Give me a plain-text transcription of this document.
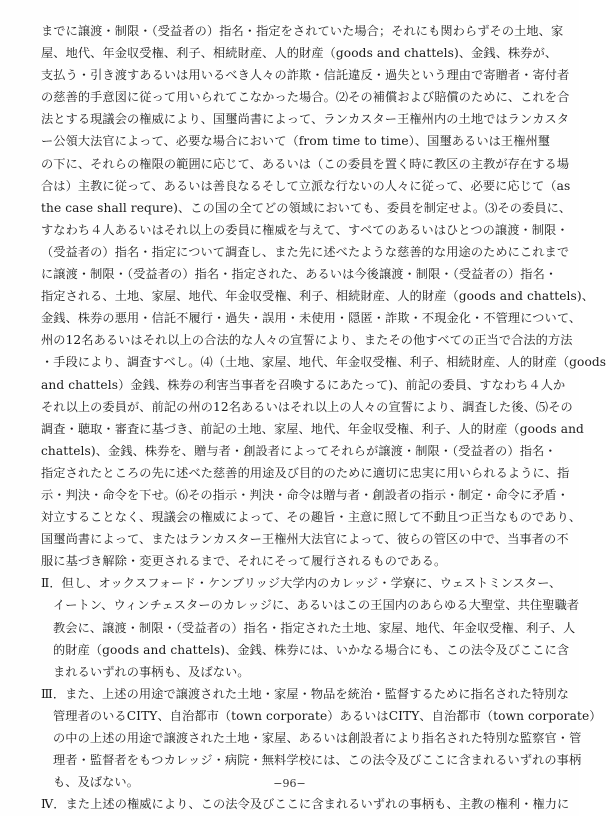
までに譲渡・制限・（受益者の）指名・指定をされていた場合；それにも関わらずその土地、家
屋、地代、年金収受権、利子、相続財産、人的財産（goods and chattels)、金銭、株券が、
支払う・引き渡すあるいは用いるべき人々の詐欺・信託違反・過失という理由で寄贈者・寄付者
の慈善的手意図に従って用いられてこなかった場合。⑵その補償および賠償のために、これを合
法とする現議会の権威により、国璽尚書によって、ランカスター王権州内の土地ではランカスタ
ー公領大法官によって、必要な場合において（from time to time）、国璽あるいは王権州璽
の下に、それらの権限の範囲に応じて、あるいは（この委員を置く時に教区の主教が存在する場
合は）主教に従って、あるいは善良なるそして立派な行ないの人々に従って、必要に応じて（as
the case shall requre)、この国の全てどの領域においても、委員を制定せよ。⑶その委員に、
すなわち４人あるいはそれ以上の委員に権威を与えて、すべてのあるいはひとつの譲渡・制限・
（受益者の）指名・指定について調査し、また先に述べたような慈善的な用途のためにこれまで
に譲渡・制限・（受益者の）指名・指定された、あるいは今後譲渡・制限・（受益者の）指名・
指定される、土地、家屋、地代、年金収受権、利子、相続財産、人的財産（goods and chattels)、
金銭、株券の悪用・信託不履行・過失・誤用・未使用・隠匿・詐欺・不現金化・不管理について、
州の12名あるいはそれ以上の合法的な人々の宣誓により、またその他すべての正当で合法的方法
・手段により、調査すべし。⑷（土地、家屋、地代、年金収受権、利子、相続財産、人的財産（goods
and chattels）金銭、株券の利害当事者を召喚するにあたって)、前記の委員、すなわち４人か
それ以上の委員が、前記の州の12名あるいはそれ以上の人々の宣誓により、調査した後、⑸その
調査・聴取・審査に基づき、前記の土地、家屋、地代、年金収受権、利子、人的財産（goods and
chattels)、金銭、株券を、贈与者・創設者によってそれらが譲渡・制限・（受益者の）指名・
指定されたところの先に述べた慈善的用途及び目的のために適切に忠実に用いられるように、指
示・判決・命令を下せ。⑹その指示・判決・命令は贈与者・創設者の指示・制定・命令に矛盾・
対立することなく、現議会の権威によって、その趣旨・主意に照して不動且つ正当なものであり、
国璽尚書によって、またはランカスター王権州大法官によって、彼らの管区の中で、当事者の不
服に基づき解除・変更されるまで、それにそって履行されるものである。
Ⅱ．但し、オックスフォード・ケンブリッジ大学内のカレッジ・学寮に、ウェストミンスター、
イートン、ウィンチェスターのカレッジに、あるいはこの王国内のあらゆる大聖堂、共住聖職者
教会に、譲渡・制限・（受益者の）指名・指定された土地、家屋、地代、年金収受権、利子、人
的財産（goods and chattels)、金銭、株券には、いかなる場合にも、この法令及びここに含
まれるいずれの事柄も、及ばない。
Ⅲ．また、上述の用途で譲渡された土地・家屋・物品を統治・監督するために指名された特別な
管理者のいるCITY、自治都市（town corporate）あるいはCITY、自治都市（town corporate）
の中の上述の用途で譲渡された土地・家屋、あるいは創設者により指名された特別な監察官・管
理者・監督者をもつカレッジ・病院・無料学校には、この法令及びここに含まれるいずれの事柄
も、及ばない。
Ⅳ．また上述の権威により、この法令及びここに含まれるいずれの事柄も、主教の権利・権力に
−96−
